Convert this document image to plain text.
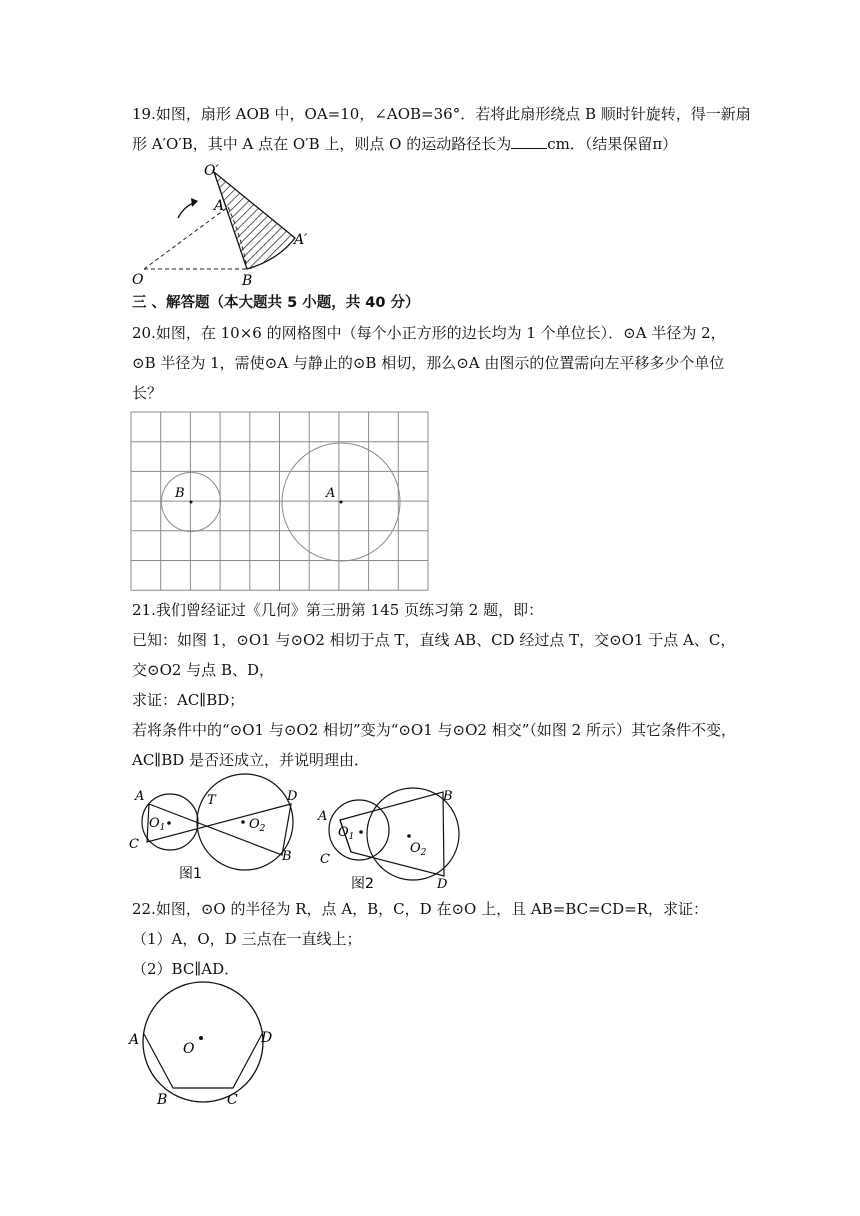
19.如图，扇形 AOB 中，OA=10，∠AOB=36°．若将此扇形绕点 B 顺时针旋转，得一新扇
形 A′O′B，其中 A 点在 O′B 上，则点 O 的运动路径长为 cm．（结果保留π）
O′
A
A′
O	B
三 、解答题（本大题共 5 小题，共 40 分）
20.如图，在 10×6 的网格图中（每个小正方形的边长均为 1 个单位长）．⊙A 半径为 2，
⊙B 半径为 1，需使⊙A 与静止的⊙B 相切，那么⊙A 由图示的位置需向左平移多少个单位
长？
B	A
21.我们曾经证过《几何》第三册第 145 页练习第 2 题，即：
已知：如图 1，⊙O1 与⊙O2 相切于点 T，直线 AB、CD 经过点 T，交⊙O1 于点 A、C，
交⊙O2 与点 B、D，
求证：AC∥BD；
若将条件中的“⊙O1 与⊙O2 相切”变为“⊙O1 与⊙O2 相交”（如图 2 所示）其它条件不变，
AC∥BD 是否还成立，并说明理由．
A
C
$O_1$
T
$O_2$
D
B
图1
A
C
$O_1$
$O_2$
B
D
图2
22.如图，⊙O 的半径为 R，点 A，B，C，D 在⊙O 上，且 AB=BC=CD=R，求证：
（1）A，O，D 三点在一直线上；
（2）BC∥AD．
A
O
D
B	C
